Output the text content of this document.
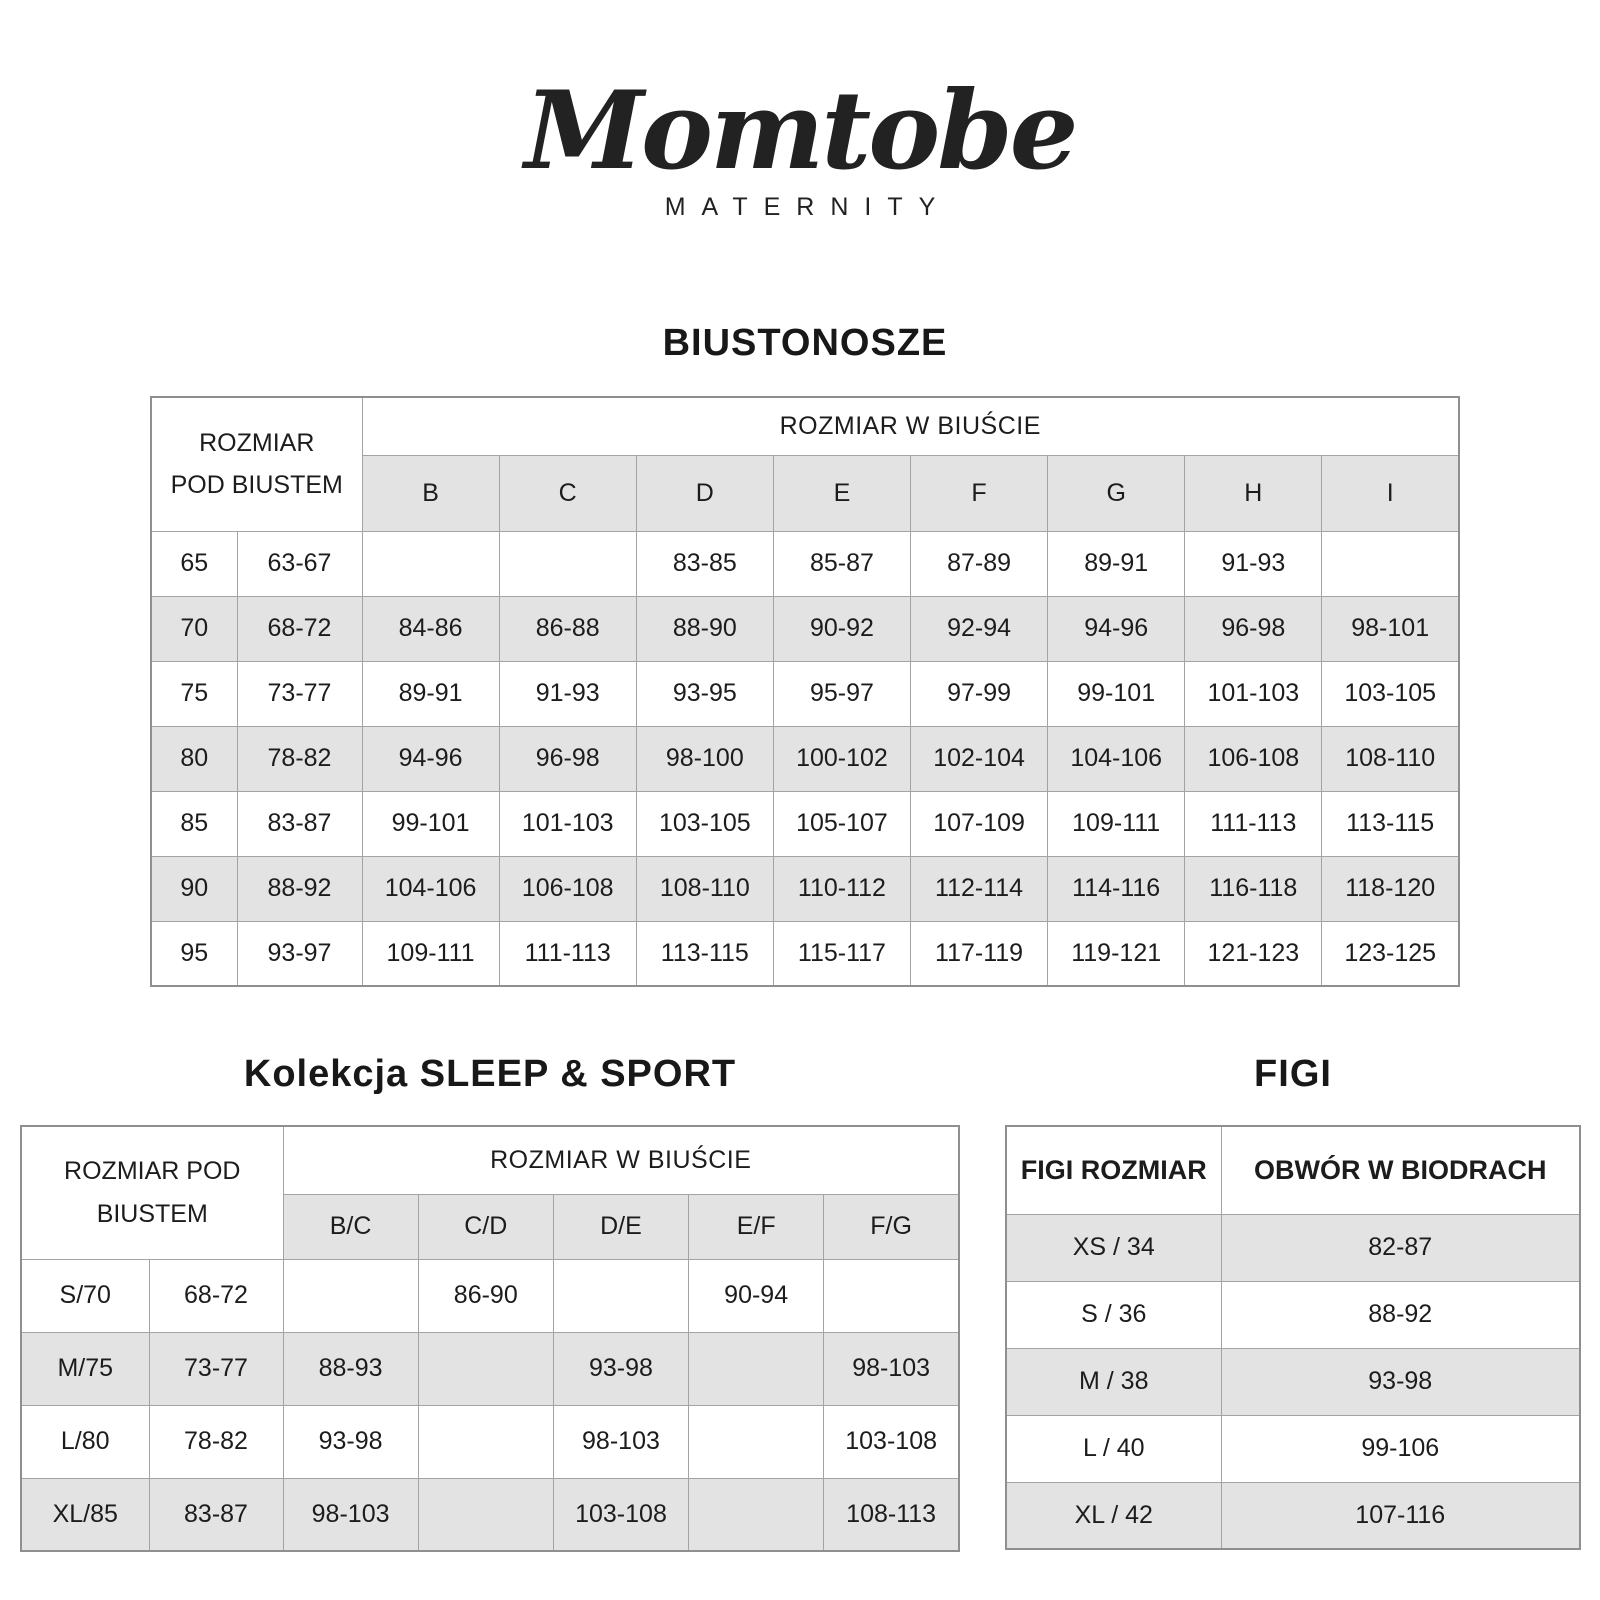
Momtobe
MATERNITY
BIUSTONOSZE
ROZMIAR
POD BIUSTEM		ROZMIAR W BIUŚCIE							
		B	C	D	E	F	G	H	I
65	63-67			83-85	85-87	87-89	89-91	91-93	
70	68-72	84-86	86-88	88-90	90-92	92-94	94-96	96-98	98-101
75	73-77	89-91	91-93	93-95	95-97	97-99	99-101	101-103	103-105
80	78-82	94-96	96-98	98-100	100-102	102-104	104-106	106-108	108-110
85	83-87	99-101	101-103	103-105	105-107	107-109	109-111	111-113	113-115
90	88-92	104-106	106-108	108-110	110-112	112-114	114-116	116-118	118-120
95	93-97	109-111	111-113	113-115	115-117	117-119	119-121	121-123	123-125
Kolekcja SLEEP & SPORT
ROZMIAR POD
BIUSTEM		ROZMIAR W BIUŚCIE				
		B/C	C/D	D/E	E/F	F/G
S/70	68-72		86-90		90-94	
M/75	73-77	88-93		93-98		98-103
L/80	78-82	93-98		98-103		103-108
XL/85	83-87	98-103		103-108		108-113
FIGI
FIGI ROZMIAR	OBWÓR W BIODRACH
XS / 34	82-87
S / 36	88-92
M / 38	93-98
L / 40	99-106
XL / 42	107-116
